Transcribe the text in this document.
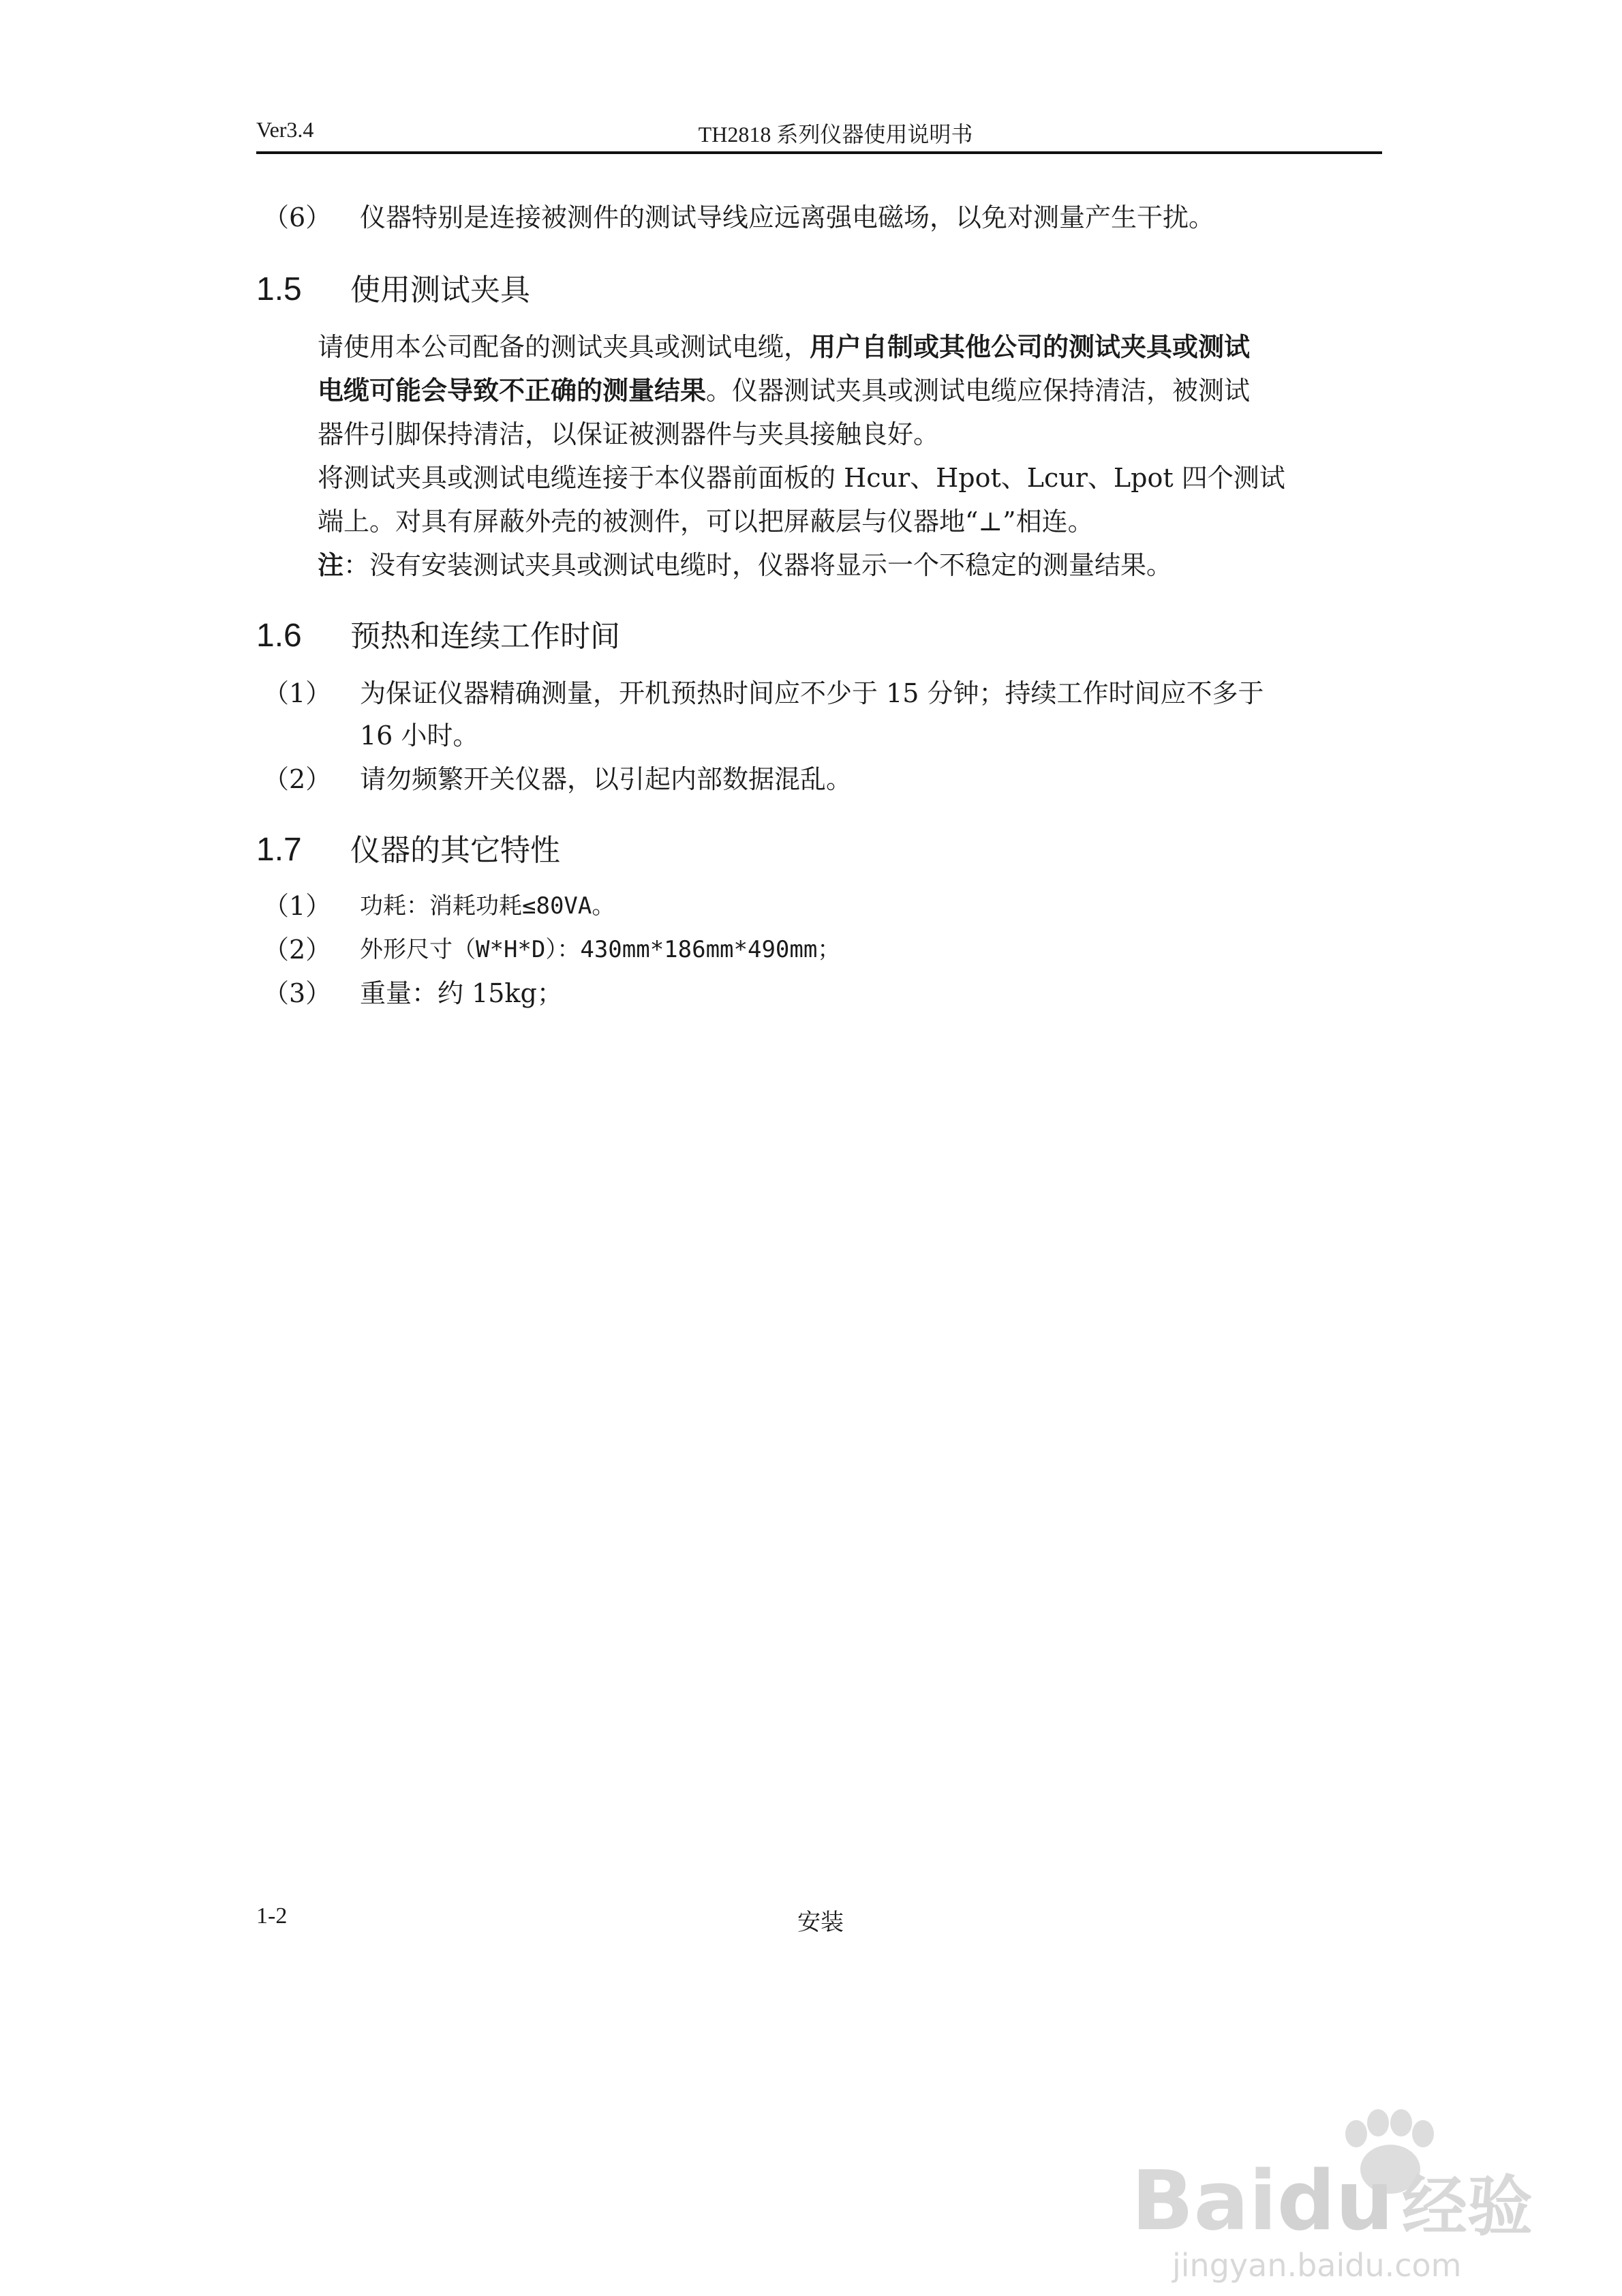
Ver3.4	TH2818 系列仪器使用说明书
（6） 仪器特别是连接被测件的测试导线应远离强电磁场，以免对测量产生干扰。
1.5 使用测试夹具
请使用本公司配备的测试夹具或测试电缆，用户自制或其他公司的测试夹具或测试
电缆可能会导致不正确的测量结果。仪器测试夹具或测试电缆应保持清洁，被测试
器件引脚保持清洁，以保证被测器件与夹具接触良好。
将测试夹具或测试电缆连接于本仪器前面板的 Hcur、Hpot、Lcur、Lpot 四个测试
端上。对具有屏蔽外壳的被测件，可以把屏蔽层与仪器地“⊥”相连。
注：没有安装测试夹具或测试电缆时，仪器将显示一个不稳定的测量结果。
1.6 预热和连续工作时间
（1） 为保证仪器精确测量，开机预热时间应不少于 15 分钟；持续工作时间应不多于
16 小时。
（2） 请勿频繁开关仪器，以引起内部数据混乱。
1.7 仪器的其它特性
（1） 功耗：消耗功耗≤80VA。
（2） 外形尺寸（W*H*D）：430mm*186mm*490mm；
（3） 重量：约 15kg；
1-2	安装
Baidu 经验
jingyan.baidu.com
